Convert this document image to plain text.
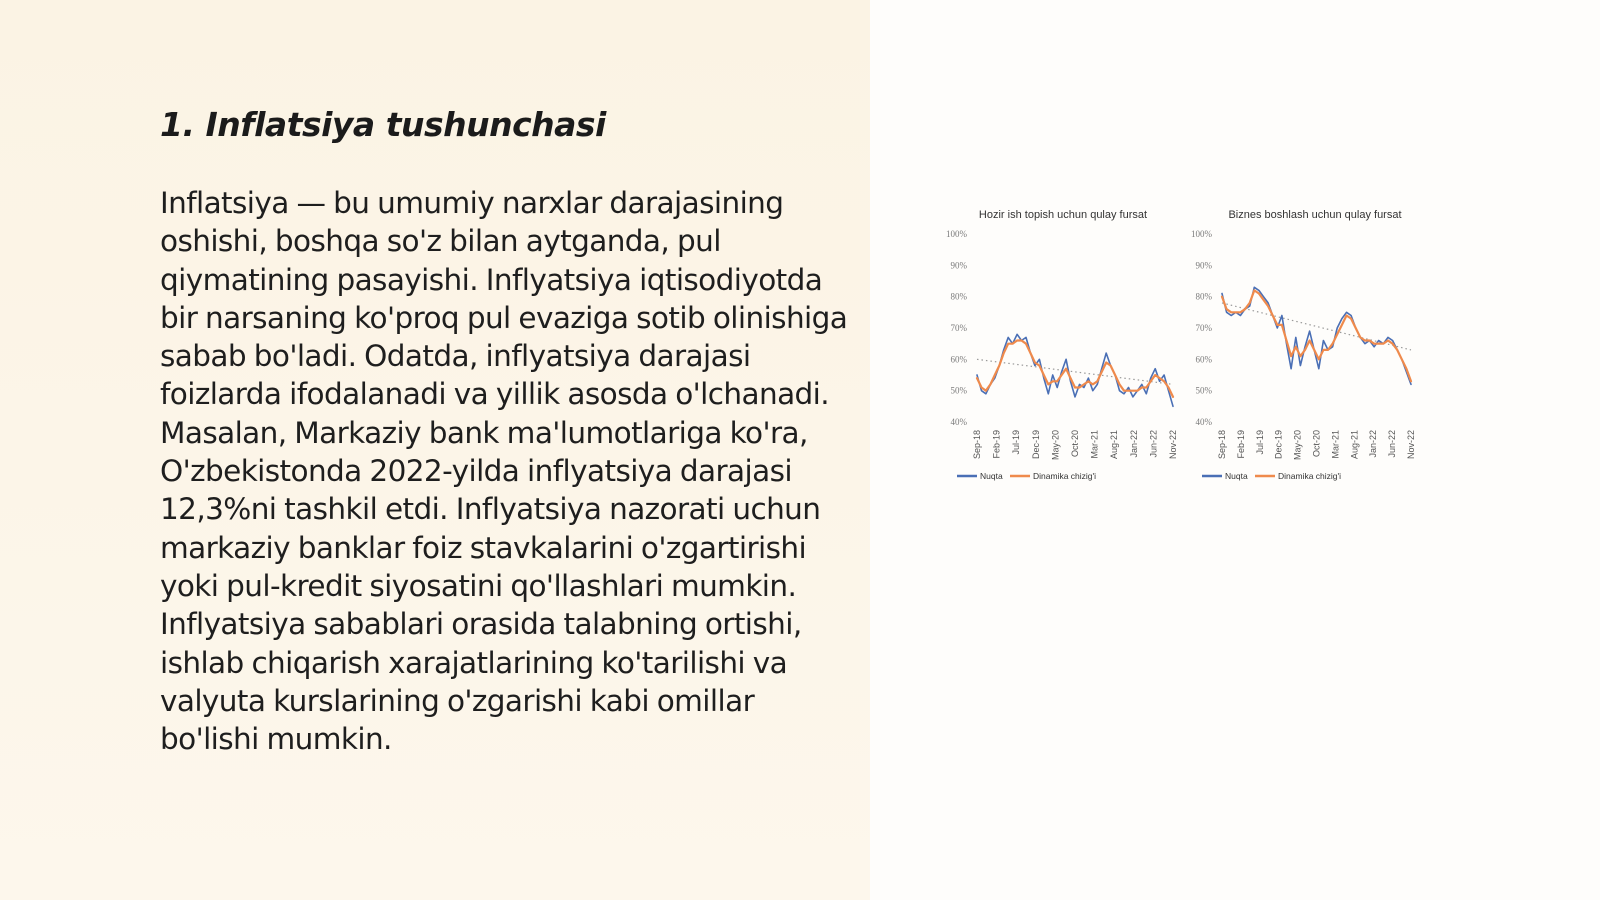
1. Inflatsiya tushunchasi

Inflatsiya — bu umumiy narxlar darajasining oshishi, boshqa so'z bilan aytganda, pul qiymatining pasayishi. Inflyatsiya iqtisodiyotda bir narsaning ko'proq pul evaziga sotib olinishiga sabab bo'ladi. Odatda, inflyatsiya darajasi foizlarda ifodalanadi va yillik asosda o'lchanadi. Masalan, Markaziy bank ma'lumotlariga ko'ra, O'zbekistonda 2022-yilda inflyatsiya darajasi 12,3%ni tashkil etdi. Inflyatsiya nazorati uchun markaziy banklar foiz stavkalarini o'zgartirishi yoki pul-kredit siyosatini qo'llashlari mumkin. Inflyatsiya sabablari orasida talabning ortishi, ishlab chiqarish xarajatlarining ko'tarilishi va valyuta kurslarining o'zgarishi kabi omillar bo'lishi mumkin.

Hozir ish topish uchun qulay fursat
100%
90%
80%
70%
60%
50%
40%
Sep-18 Feb-19 Jul-19 Dec-19 May-20 Oct-20 Mar-21 Aug-21 Jan-22 Jun-22 Nov-22
Nuqta	Dinamika chizig'i
Biznes boshlash uchun qulay fursat
100%
90%
80%
70%
60%
50%
40%
Sep-18 Feb-19 Jul-19 Dec-19 May-20 Oct-20 Mar-21 Aug-21 Jan-22 Jun-22 Nov-22
Nuqta	Dinamika chizig'i
